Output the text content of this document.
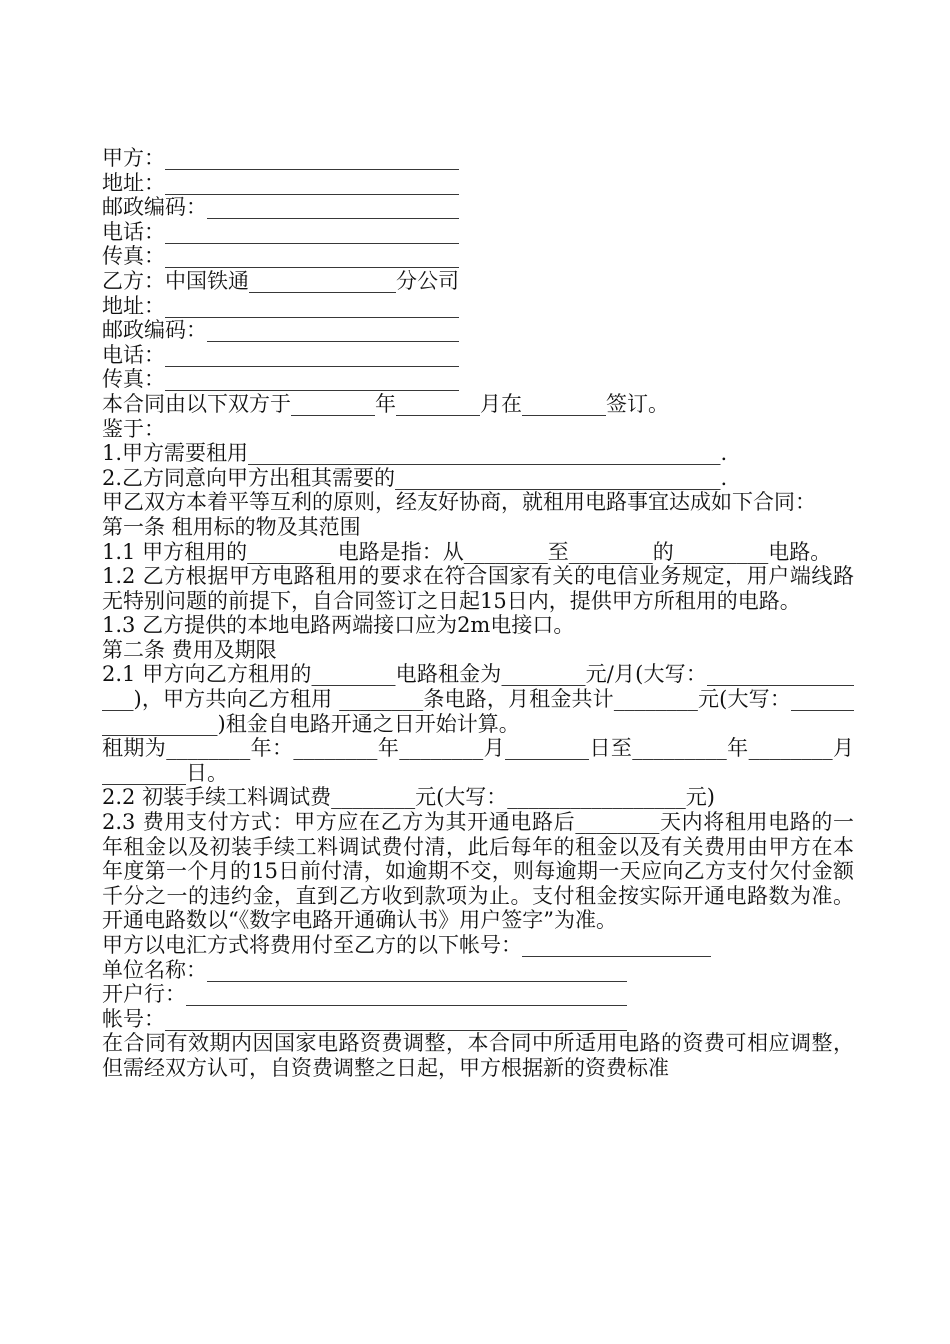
甲方：____________________________

地址：____________________________

邮政编码：________________________

电话：____________________________

传真：____________________________

乙方：中国铁通______________分公司

地址：____________________________

邮政编码：________________________

电话：____________________________

传真：____________________________

本合同由以下双方于________年________月在________签订。

鉴于：

1.甲方需要租用_____________________________________________.

2.乙方同意向甲方出租其需要的_______________________________.

甲乙双方本着平等互利的原则，经友好协商，就租用电路事宜达成如下合同：

第一条 租用标的物及其范围

1.1 甲方租用的________ 电路是指：从________至________的_________电路。

1.2 乙方根据甲方电路租用的要求在符合国家有关的电信业务规定，用户端线路无特别问题的前提下，自合同签订之日起15日内，提供甲方所租用的电路。

1.3 乙方提供的本地电路两端接口应为2m电接口。

第二条 费用及期限

2.1 甲方向乙方租用的________电路租金为________元/月(大写：_________________)，甲方共向乙方租用 ________条电路，月租金共计________元(大写：_________________)租金自电路开通之日开始计算。

租期为________年：________年________月________日至_________年________月________日。

2.2 初装手续工料调试费________元(大写：_________________元)

2.3 费用支付方式：甲方应在乙方为其开通电路后________天内将租用电路的一年租金以及初装手续工料调试费付清，此后每年的租金以及有关费用由甲方在本年度第一个月的15日前付清，如逾期不交，则每逾期一天应向乙方支付欠付金额千分之一的违约金，直到乙方收到款项为止。支付租金按实际开通电路数为准。开通电路数以“《数字电路开通确认书》用户签字”为准。

甲方以电汇方式将费用付至乙方的以下帐号：__________________

单位名称：________________________________________

开户行：__________________________________________

帐号：____________________________________________

在合同有效期内因国家电路资费调整，本合同中所适用电路的资费可相应调整，但需经双方认可，自资费调整之日起，甲方根据新的资费标准
